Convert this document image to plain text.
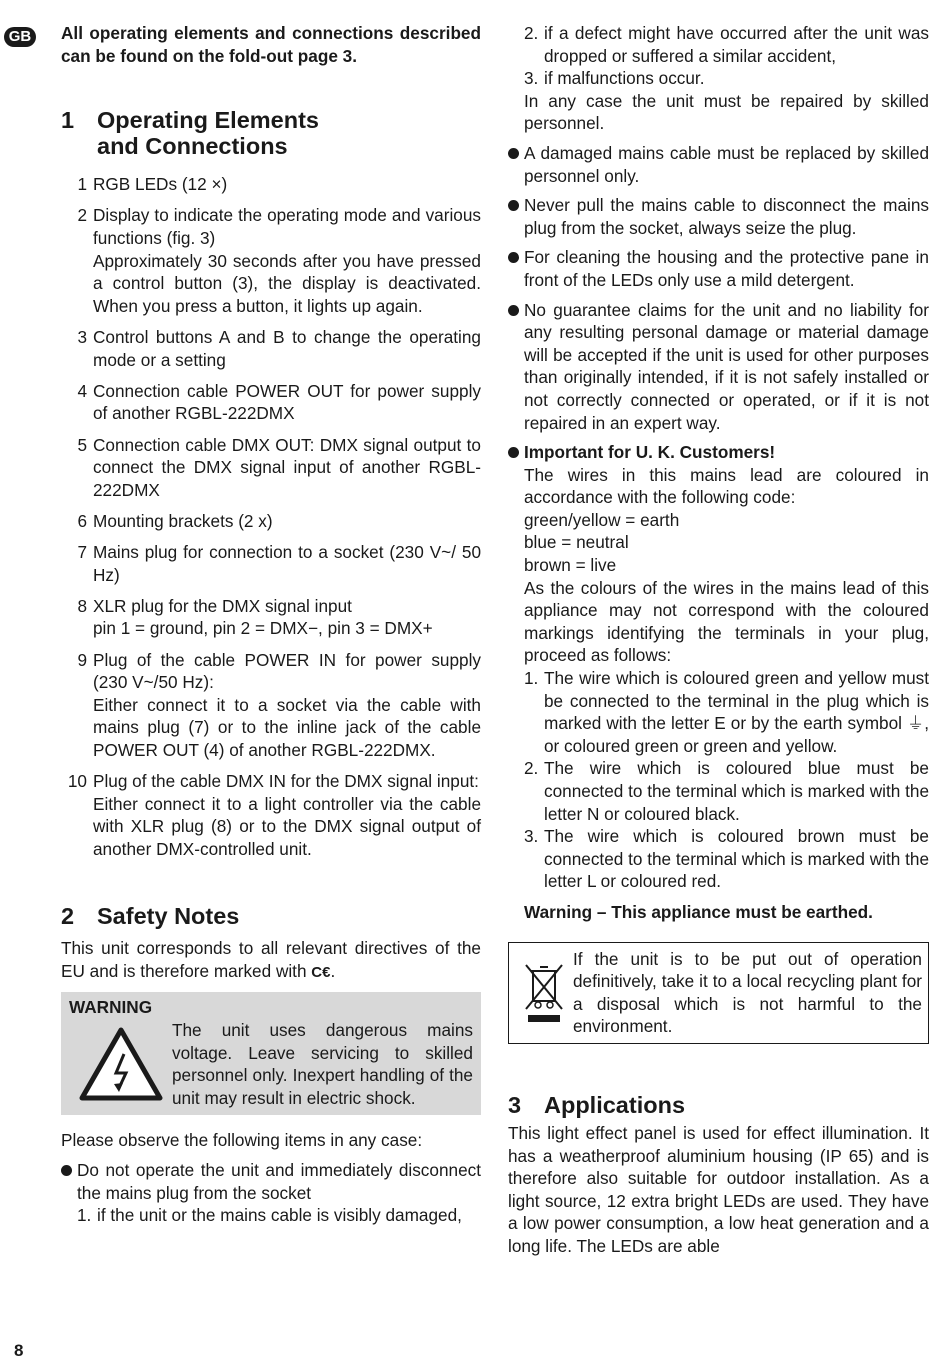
GB All operating elements and connections described can be found on the fold-out page 3.

1 Operating Elements
and Connections
1 RGB LEDs (12 ×)
2 Display to indicate the operating mode and various functions (fig. 3)

Approximately 30 seconds after you have pressed a control button (3), the display is deactivated. When you press a button, it lights up again.

3 Control buttons A and B to change the operating mode or a setting

4 Connection cable POWER OUT for power supply of another RGBL-222DMX

5 Connection cable DMX OUT: DMX signal output to connect the DMX signal input of another RGBL-222DMX

6 Mounting brackets (2 x)

7 Mains plug for connection to a socket (230 V~/ 50 Hz)

8 XLR plug for the DMX signal input

pin 1 = ground, pin 2 = DMX−, pin 3 = DMX+

9 Plug of the cable POWER IN for power supply (230 V~/50 Hz):

Either connect it to a socket via the cable with mains plug (7) or to the inline jack of the cable POWER OUT (4) of another RGBL-222DMX.

10 Plug of the cable DMX IN for the DMX signal input:

Either connect it to a light controller via the cable with XLR plug (8) or to the DMX signal output of another DMX-controlled unit.

2 Safety Notes

This unit corresponds to all relevant directives of the EU and is therefore marked with C€.

WARNING
The unit uses dangerous mains voltage. Leave servicing to skilled personnel only. Inexpert handling of the unit may result in electric shock.

Please observe the following items in any case:

Do not operate the unit and immediately disconnect the mains plug from the socket
1. if the unit or the mains cable is visibly damaged,
2. if a defect might have occurred after the unit was dropped or suffered a similar accident,
3. if malfunctions occur.

In any case the unit must be repaired by skilled personnel.

A damaged mains cable must be replaced by skilled personnel only.
Never pull the mains cable to disconnect the mains plug from the socket, always seize the plug.
For cleaning the housing and the protective pane in front of the LEDs only use a mild detergent.
No guarantee claims for the unit and no liability for any resulting personal damage or material damage will be accepted if the unit is used for other purposes than originally intended, if it is not safely installed or not correctly connected or operated, or if it is not repaired in an expert way.

Important for U. K. Customers!

The wires in this mains lead are coloured in accordance with the following code:

green/yellow = earth

blue = neutral

brown = live

As the colours of the wires in the mains lead of this appliance may not correspond with the coloured markings identifying the terminals in your plug, proceed as follows:

1. The wire which is coloured green and yellow must be connected to the terminal in the plug which is marked with the letter E or by the earth symbol ⏚, or coloured green or green and yellow.
2. The wire which is coloured blue must be connected to the terminal which is marked with the letter N or coloured black.
3. The wire which is coloured brown must be connected to the terminal which is marked with the letter L or coloured red.

Warning – This appliance must be earthed.

If the unit is to be put out of operation definitively, take it to a local recycling plant for a disposal which is not harmful to the environment.
3 Applications

This light effect panel is used for effect illumination. It has a weatherproof aluminium housing (IP 65) and is therefore also suitable for outdoor installation. As a light source, 12 extra bright LEDs are used. They have a low power consumption, a low heat generation and a long life. The LEDs are able

8
